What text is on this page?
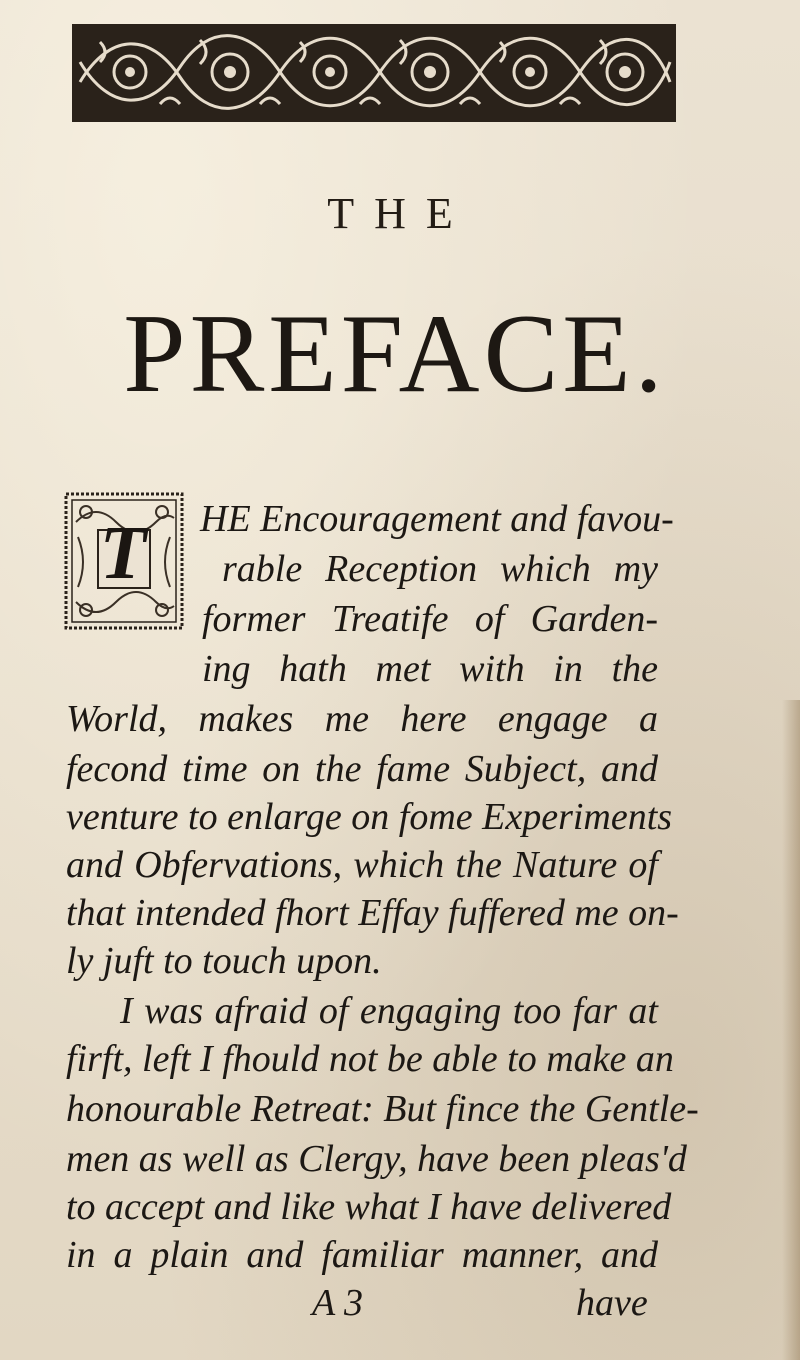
THE
PREFACE.
T	HE Encouragement and favou-
rable Reception which my
former Treatife of Garden-
ing hath met with in the
World, makes me here engage a
fecond time on the fame Subject, and
venture to enlarge on fome Experiments
and Obfervations, which the Nature of
that intended fhort Effay fuffered me on-
ly juft to touch upon.
I was afraid of engaging too far at
firft, left I fhould not be able to make an
honourable Retreat: But fince the Gentle-
men as well as Clergy, have been pleas'd
to accept and like what I have delivered
in a plain and familiar manner, and
A 3	have
